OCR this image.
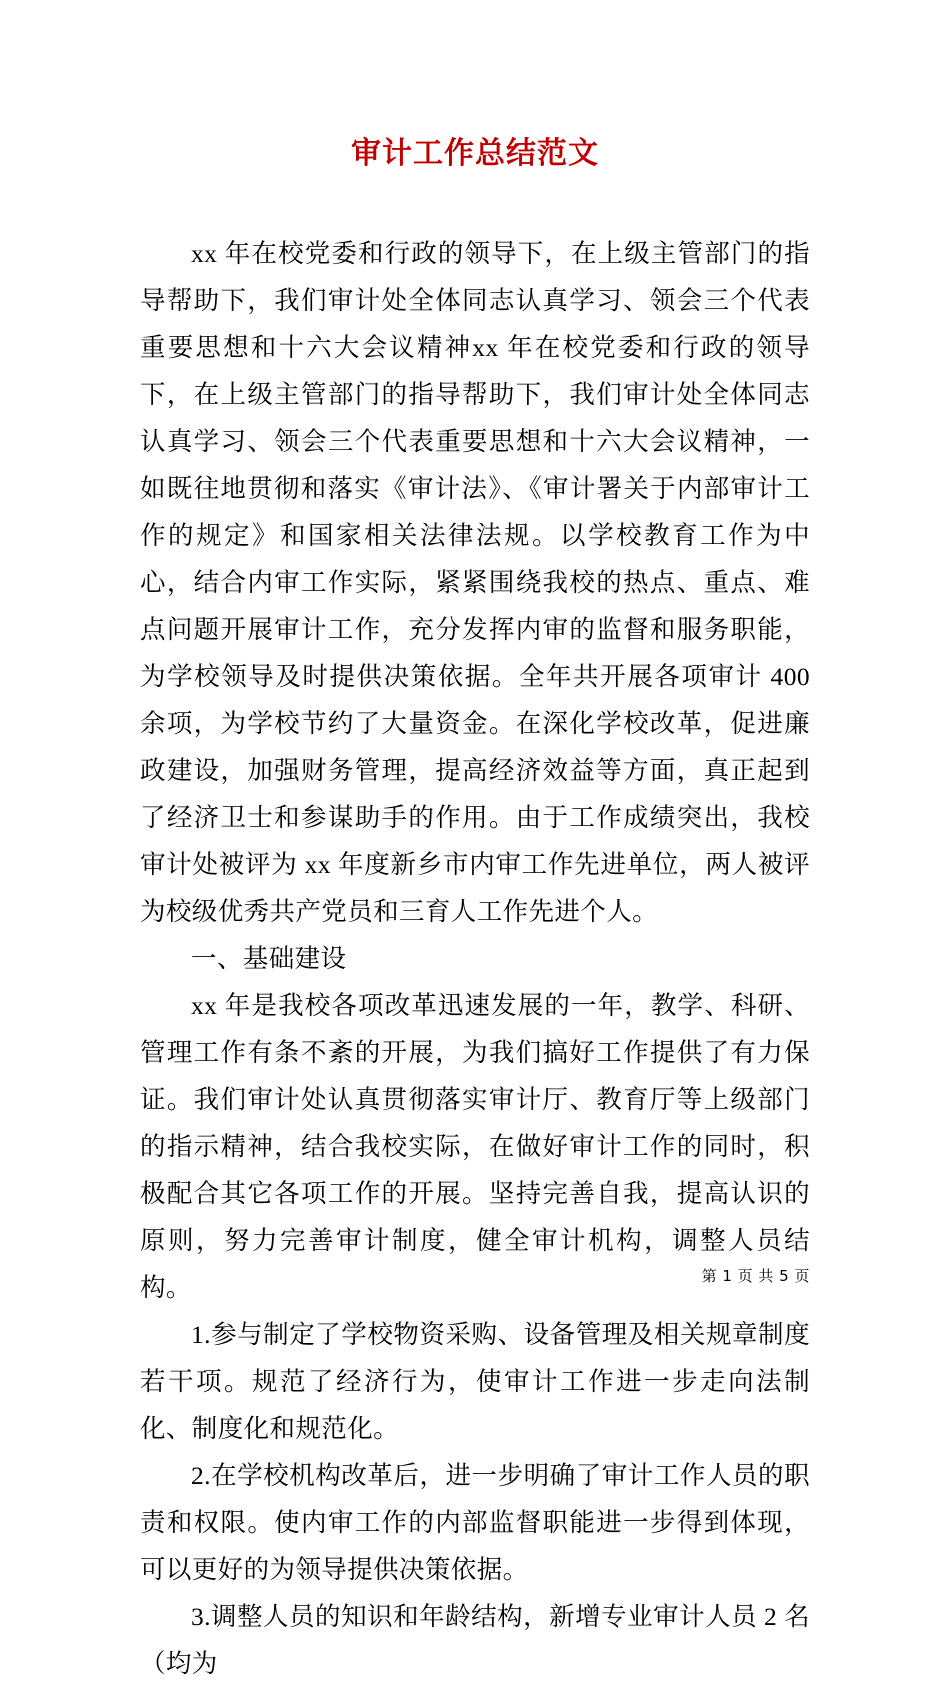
审计工作总结范文

xx 年在校党委和行政的领导下，在上级主管部门的指导帮助下，我们审计处全体同志认真学习、领会三个代表重要思想和十六大会议精神xx 年在校党委和行政的领导下，在上级主管部门的指导帮助下，我们审计处全体同志认真学习、领会三个代表重要思想和十六大会议精神，一如既往地贯彻和落实《审计法》、《审计署关于内部审计工作的规定》和国家相关法律法规。以学校教育工作为中心，结合内审工作实际，紧紧围绕我校的热点、重点、难点问题开展审计工作，充分发挥内审的监督和服务职能，为学校领导及时提供决策依据。全年共开展各项审计 400 余项，为学校节约了大量资金。在深化学校改革，促进廉政建设，加强财务管理，提高经济效益等方面，真正起到了经济卫士和参谋助手的作用。由于工作成绩突出，我校审计处被评为 xx 年度新乡市内审工作先进单位，两人被评为校级优秀共产党员和三育人工作先进个人。

一、基础建设

xx 年是我校各项改革迅速发展的一年，教学、科研、管理工作有条不紊的开展，为我们搞好工作提供了有力保证。我们审计处认真贯彻落实审计厅、教育厅等上级部门的指示精神，结合我校实际，在做好审计工作的同时，积极配合其它各项工作的开展。坚持完善自我，提高认识的原则，努力完善审计制度，健全审计机构，调整人员结构。

1.参与制定了学校物资采购、设备管理及相关规章制度若干项。规范了经济行为，使审计工作进一步走向法制化、制度化和规范化。

2.在学校机构改革后，进一步明确了审计工作人员的职责和权限。使内审工作的内部监督职能进一步得到体现，可以更好的为领导提供决策依据。

3.调整人员的知识和年龄结构，新增专业审计人员 2 名（均为

第 1 页 共 5 页
